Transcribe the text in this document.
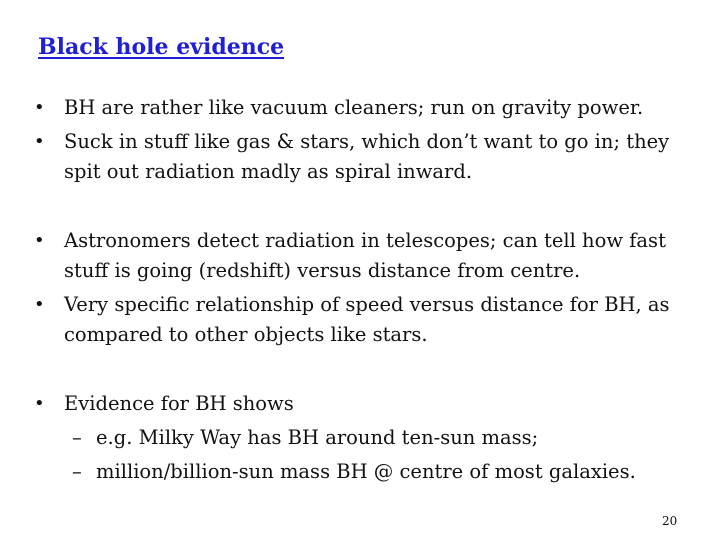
Black hole evidence
• BH are rather like vacuum cleaners; run on gravity power.
• Suck in stuff like gas & stars, which don’t want to go in; they spit out radiation madly as spiral inward.
• Astronomers detect radiation in telescopes; can tell how fast stuff is going (redshift) versus distance from centre.
• Very specific relationship of speed versus distance for BH, as compared to other objects like stars.
• Evidence for BH shows
– e.g. Milky Way has BH around ten-sun mass;
– million/billion-sun mass BH @ centre of most galaxies.
20
